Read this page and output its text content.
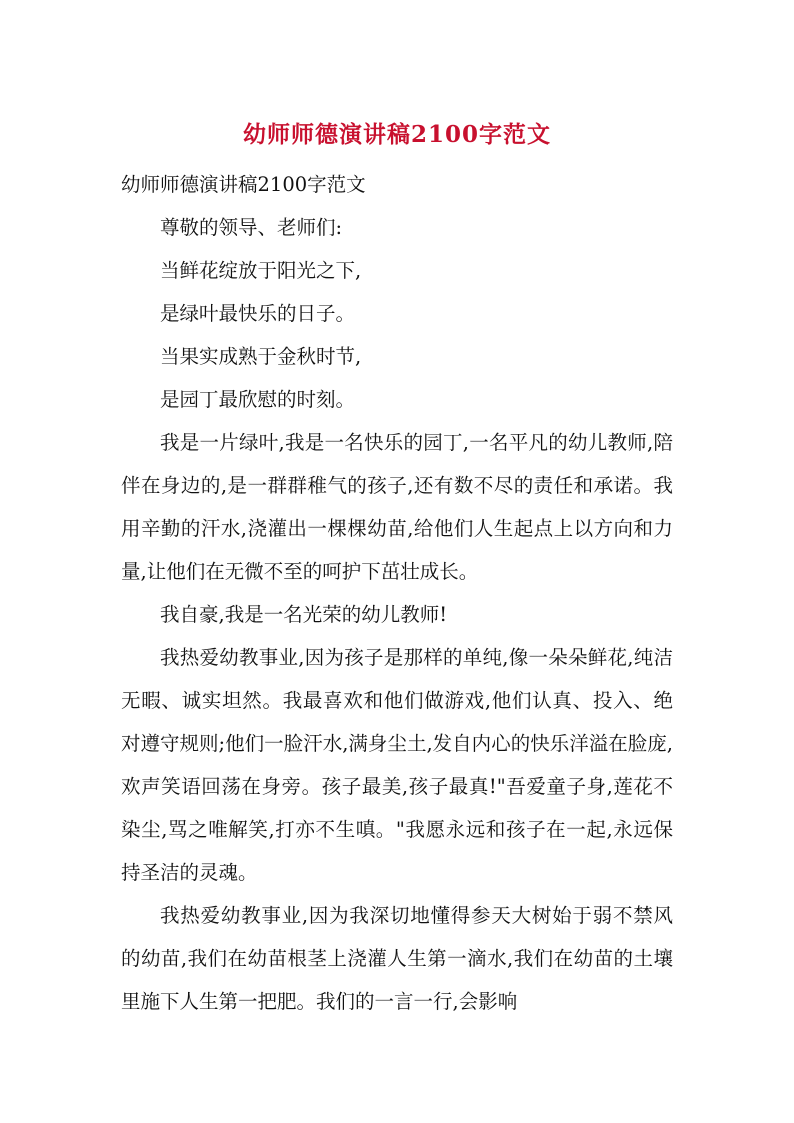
幼师师德演讲稿2100字范文

幼师师德演讲稿2100字范文

尊敬的领导、老师们:

当鲜花绽放于阳光之下,

是绿叶最快乐的日子。

当果实成熟于金秋时节,

是园丁最欣慰的时刻。

我是一片绿叶,我是一名快乐的园丁,一名平凡的幼儿教师,陪伴在身边的,是一群群稚气的孩子,还有数不尽的责任和承诺。我用辛勤的汗水,浇灌出一棵棵幼苗,给他们人生起点上以方向和力量,让他们在无微不至的呵护下茁壮成长。

我自豪,我是一名光荣的幼儿教师!

我热爱幼教事业,因为孩子是那样的单纯,像一朵朵鲜花,纯洁无暇、诚实坦然。我最喜欢和他们做游戏,他们认真、投入、绝对遵守规则;他们一脸汗水,满身尘土,发自内心的快乐洋溢在脸庞,欢声笑语回荡在身旁。孩子最美,孩子最真!"吾爱童子身,莲花不染尘,骂之唯解笑,打亦不生嗔。"我愿永远和孩子在一起,永远保持圣洁的灵魂。

我热爱幼教事业,因为我深切地懂得参天大树始于弱不禁风的幼苗,我们在幼苗根茎上浇灌人生第一滴水,我们在幼苗的土壤里施下人生第一把肥。我们的一言一行,会影响
